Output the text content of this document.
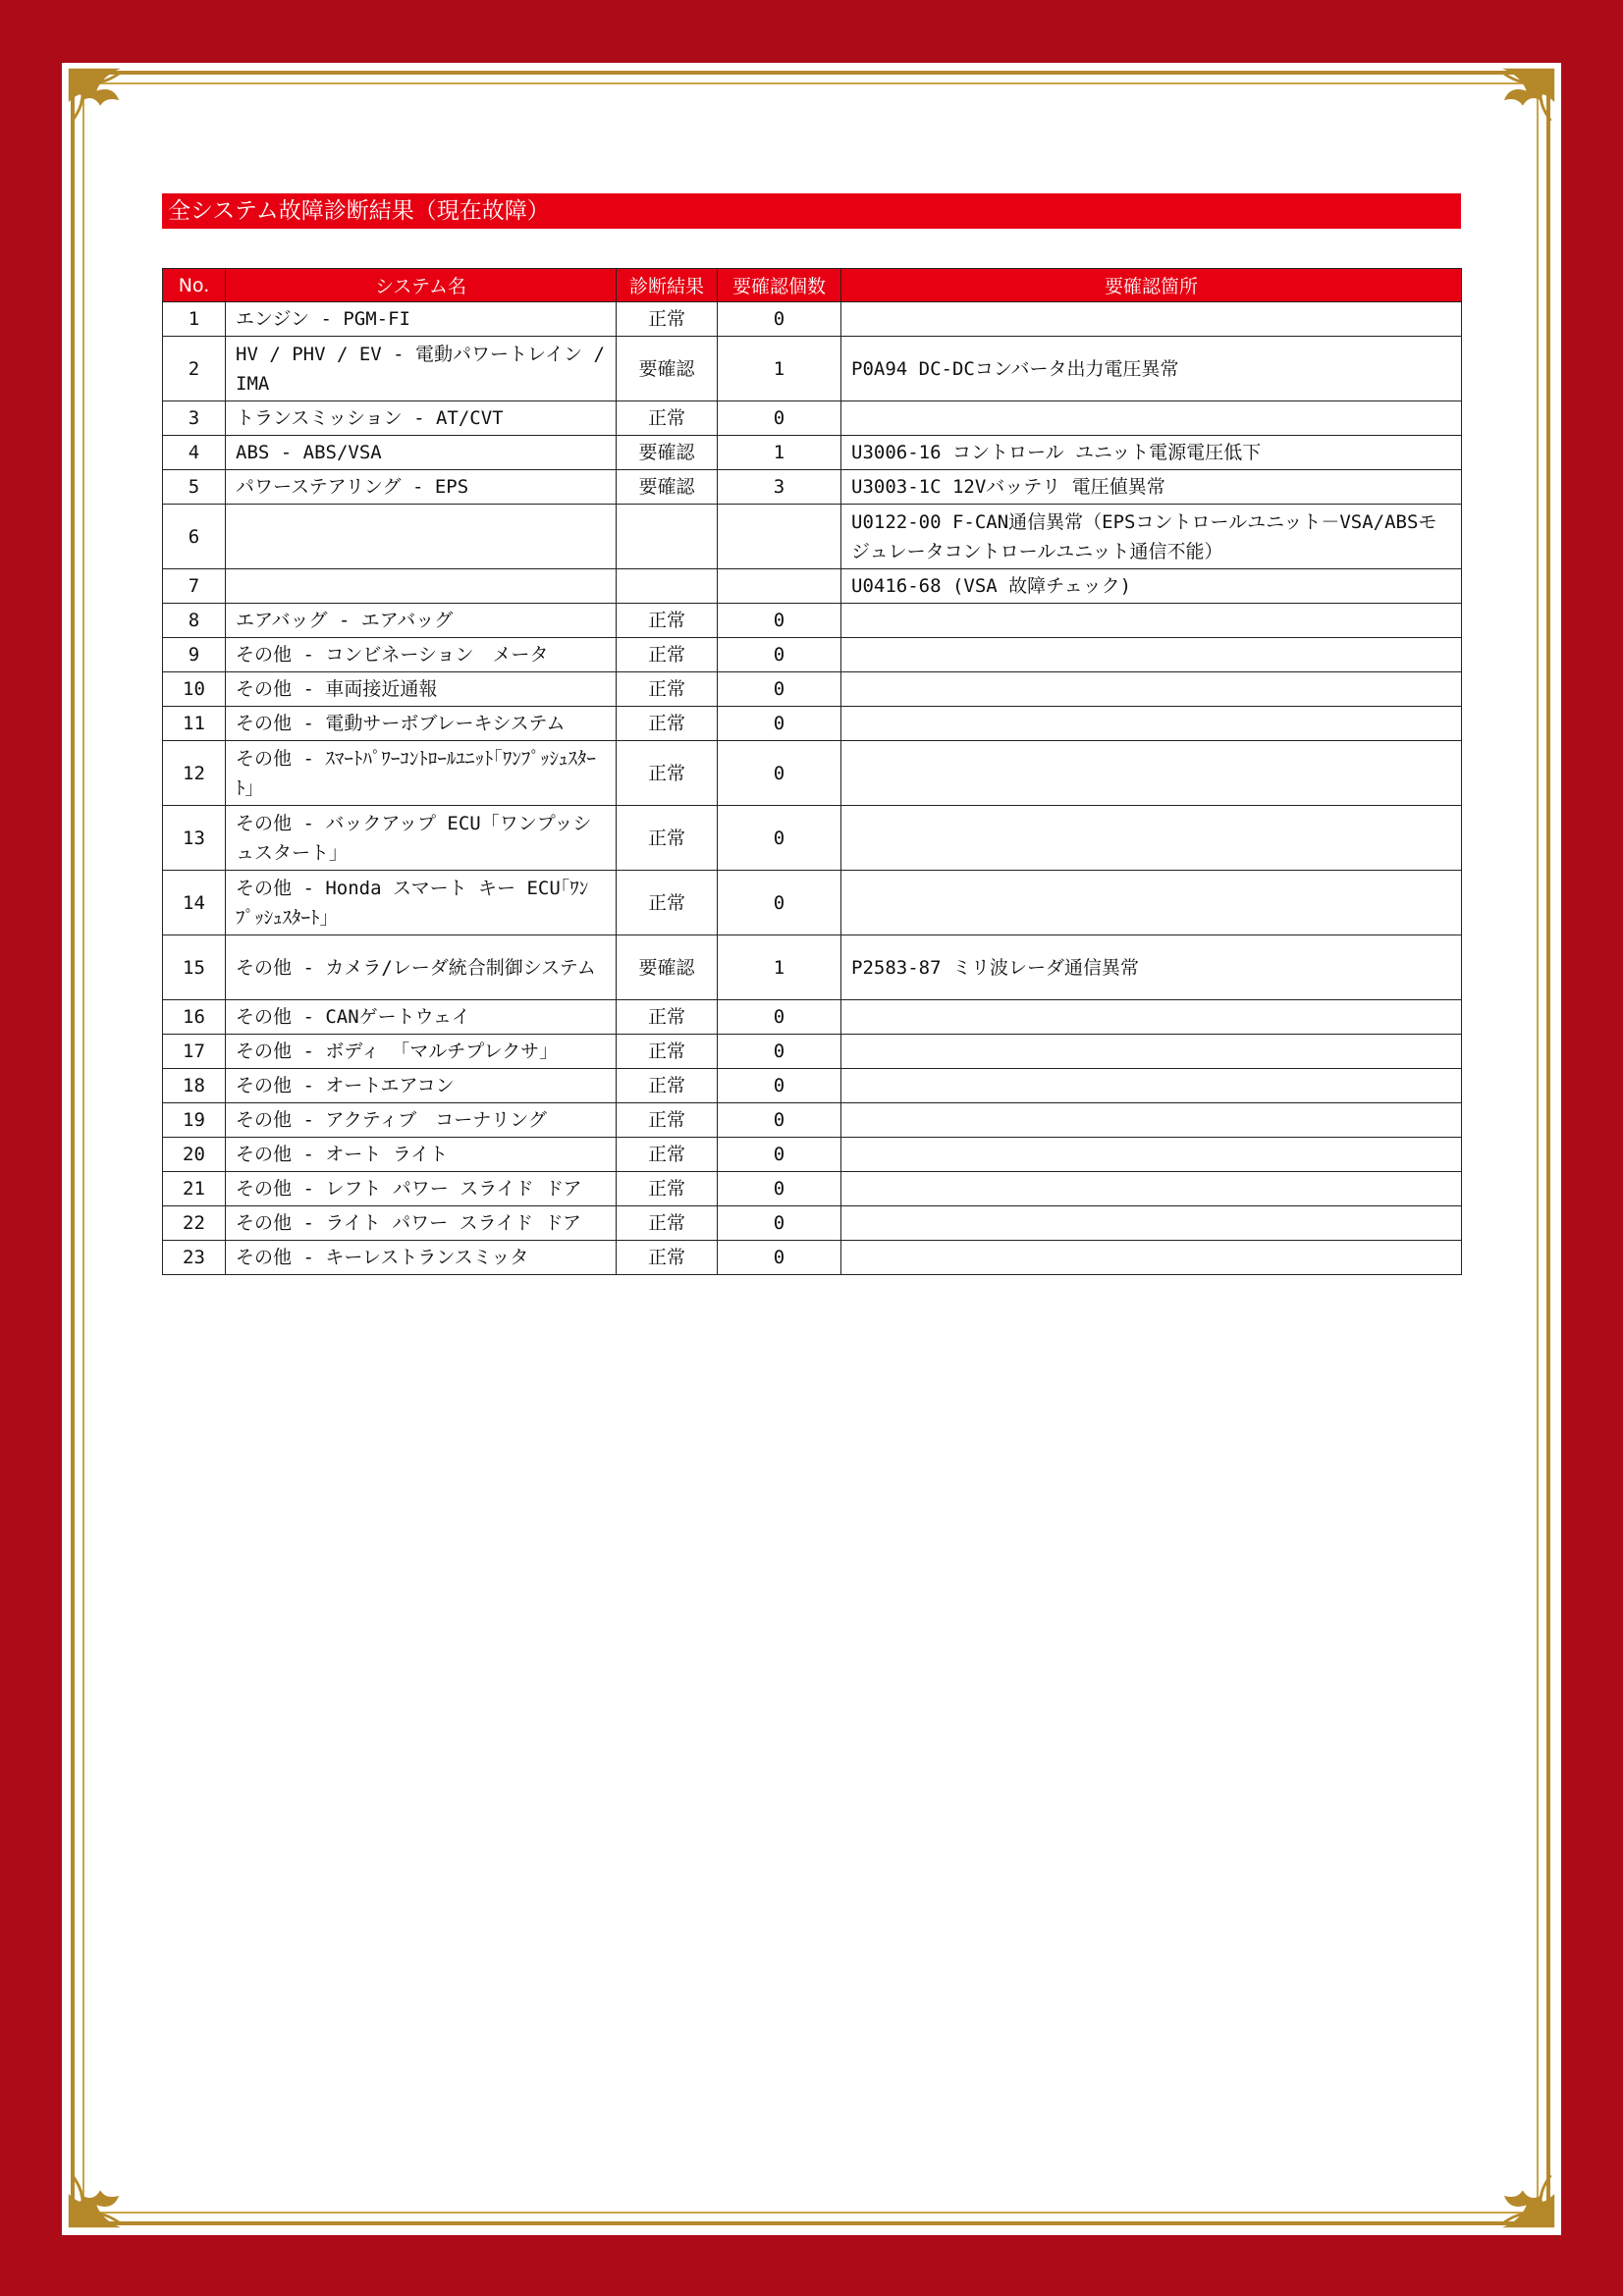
全システム故障診断結果（現在故障）
No.	システム名	診断結果	要確認個数	要確認箇所
1	エンジン - PGM-FI	正常	0	
2	HV / PHV / EV - 電動パワートレイン /IMA	要確認	1	P0A94 DC-DCコンバータ出力電圧異常
3	トランスミッション - AT/CVT	正常	0	
4	ABS - ABS/VSA	要確認	1	U3006-16 コントロール ユニット電源電圧低下
5	パワーステアリング - EPS	要確認	3	U3003-1C 12Vバッテリ 電圧値異常
6				U0122-00 F-CAN通信異常（EPSコントロールユニット－VSA/ABSモジュレータコントロールユニット通信不能）
7				U0416-68 (VSA 故障チェック)
8	エアバッグ - エアバッグ	正常	0	
9	その他 - コンビネーション　メータ	正常	0	
10	その他 - 車両接近通報	正常	0	
11	その他 - 電動サーボブレーキシステム	正常	0	
12	その他 - ｽﾏｰﾄﾊﾟﾜｰｺﾝﾄﾛｰﾙﾕﾆｯﾄ｢ﾜﾝﾌﾟｯｼｭｽﾀｰﾄ｣	正常	0	
13	その他 - バックアップ ECU「ワンプッシュスタート」	正常	0	
14	その他 - Honda スマート キー ECU｢ﾜﾝﾌﾟｯｼｭｽﾀｰﾄ｣	正常	0	
15	その他 - カメラ/レーダ統合制御システム	要確認	1	P2583-87 ミリ波レーダ通信異常
16	その他 - CANゲートウェイ	正常	0	
17	その他 - ボディ 「マルチプレクサ」	正常	0	
18	その他 - オートエアコン	正常	0	
19	その他 - アクティブ　コーナリング	正常	0	
20	その他 - オート ライト	正常	0	
21	その他 - レフト パワー スライド ドア	正常	0	
22	その他 - ライト パワー スライド ドア	正常	0	
23	その他 - キーレストランスミッタ	正常	0	
